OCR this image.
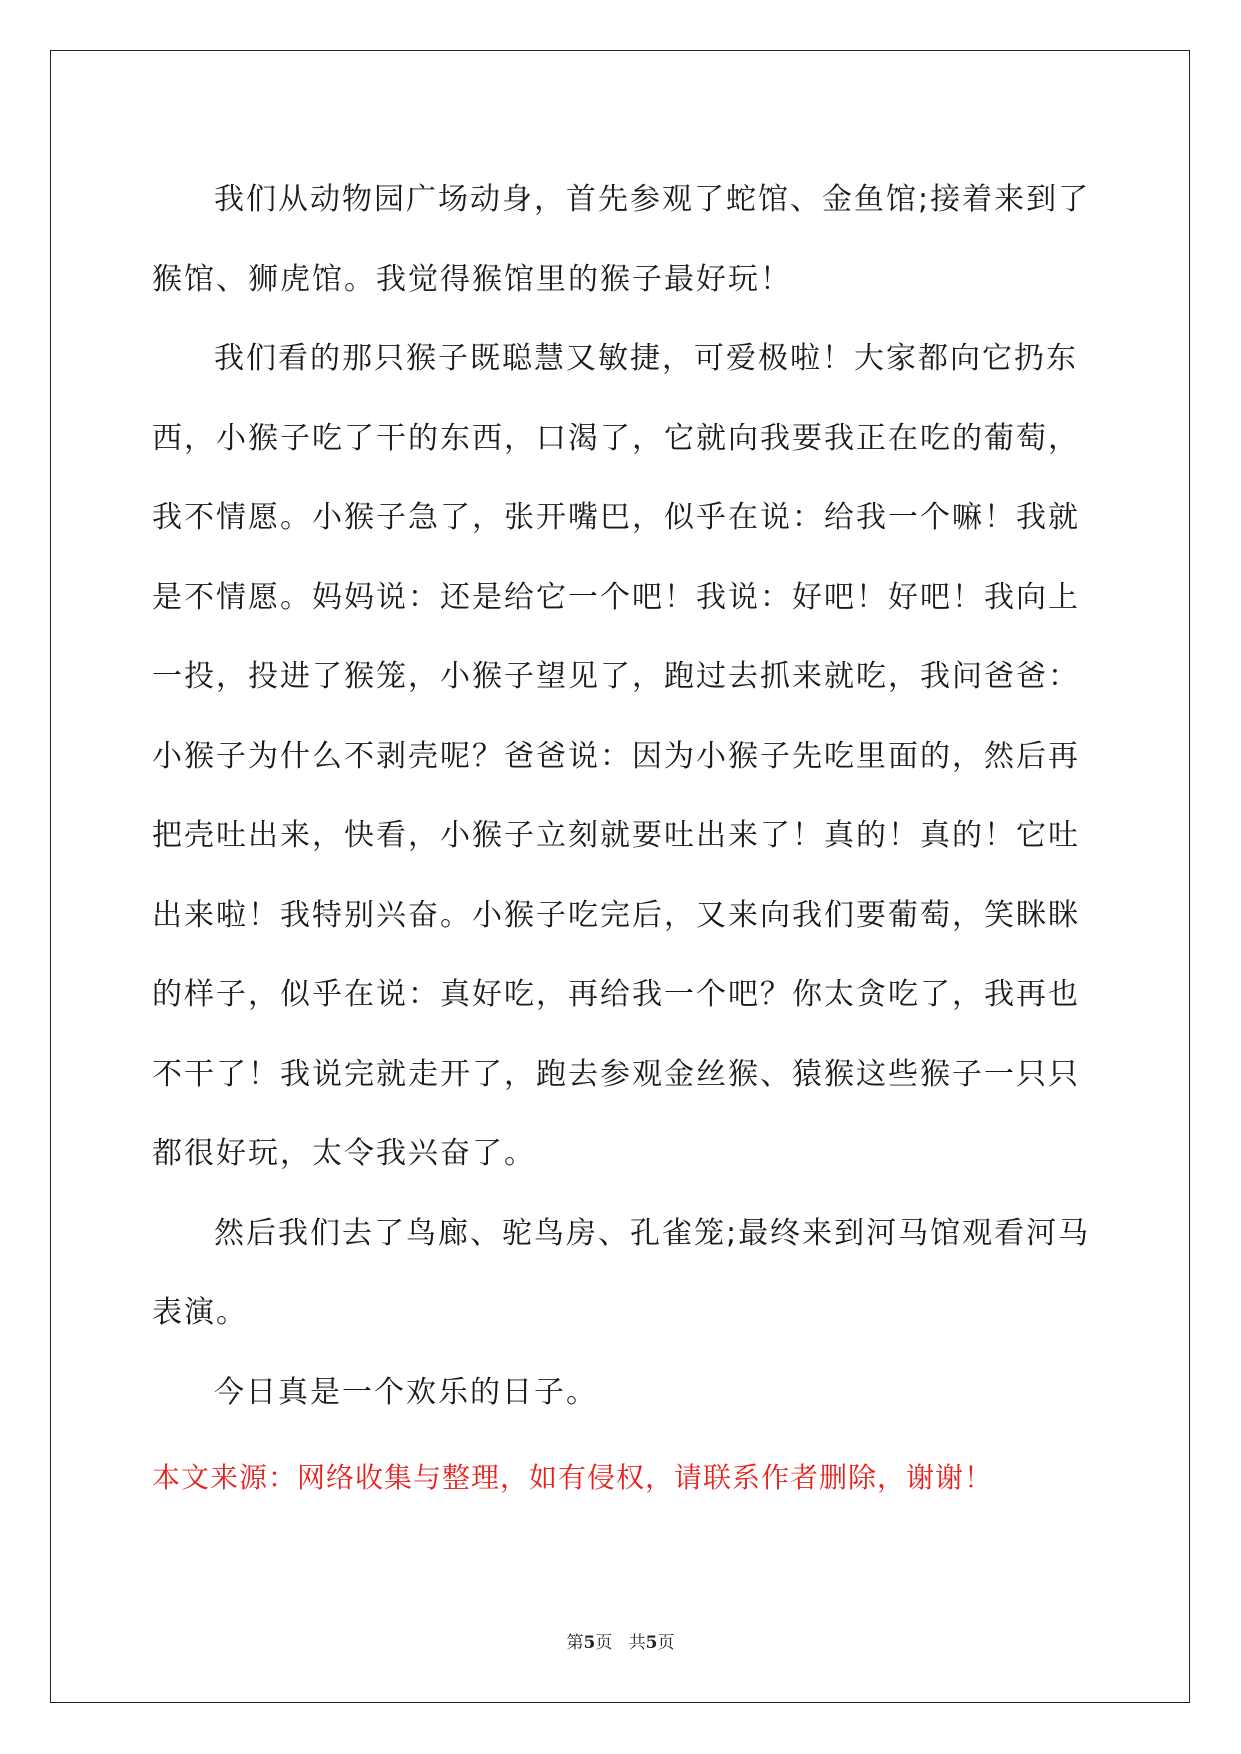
我们从动物园广场动身，首先参观了蛇馆、金鱼馆;接着来到了猴馆、狮虎馆。我觉得猴馆里的猴子最好玩！

我们看的那只猴子既聪慧又敏捷，可爱极啦！大家都向它扔东西，小猴子吃了干的东西，口渴了，它就向我要我正在吃的葡萄，我不情愿。小猴子急了，张开嘴巴，似乎在说：给我一个嘛！我就是不情愿。妈妈说：还是给它一个吧！我说：好吧！好吧！我向上一投，投进了猴笼，小猴子望见了，跑过去抓来就吃，我问爸爸：小猴子为什么不剥壳呢？爸爸说：因为小猴子先吃里面的，然后再把壳吐出来，快看，小猴子立刻就要吐出来了！真的！真的！它吐出来啦！我特别兴奋。小猴子吃完后，又来向我们要葡萄，笑眯眯的样子，似乎在说：真好吃，再给我一个吧？你太贪吃了，我再也不干了！我说完就走开了，跑去参观金丝猴、猿猴这些猴子一只只都很好玩，太令我兴奋了。

然后我们去了鸟廊、驼鸟房、孔雀笼;最终来到河马馆观看河马表演。

今日真是一个欢乐的日子。

本文来源：网络收集与整理，如有侵权，请联系作者删除，谢谢！

第5页 共5页
